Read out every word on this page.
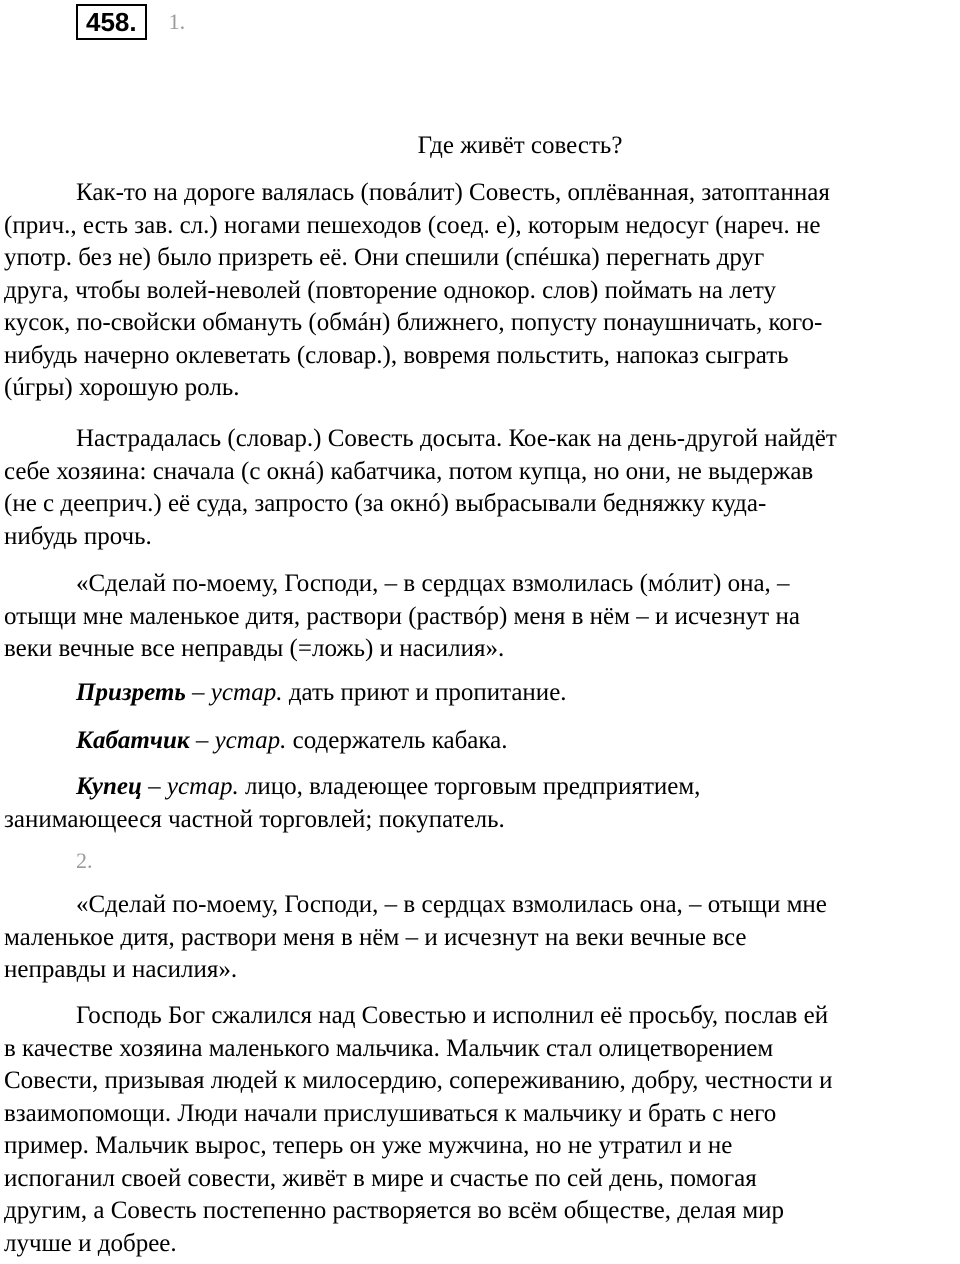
458.	1.
Где живёт совесть?
Как-то на дороге валялась (повáлит) Совесть, оплёванная, затоптанная
(прич., есть зав. сл.) ногами пешеходов (соед. е), которым недосуг (нареч. не
употр. без не) было призреть её. Они спешили (спéшка) перегнать друг
друга, чтобы волей-неволей (повторение однокор. слов) поймать на лету
кусок, по-свойски обмануть (обмáн) ближнего, попусту понаушничать, кого-
нибудь начерно оклеветать (словар.), вовремя польстить, напоказ сыграть
(úгры) хорошую роль.
Настрадалась (словар.) Совесть досыта. Кое-как на день-другой найдёт
себе хозяина: сначала (с окнá) кабатчика, потом купца, но они, не выдержав
(не с дееприч.) её суда, запросто (за окнó) выбрасывали бедняжку куда-
нибудь прочь.
«Сделай по-моему, Господи, – в сердцах взмолилась (мóлит) она, –
отыщи мне маленькое дитя, раствори (раствóр) меня в нём – и исчезнут на
веки вечные все неправды (=ложь) и насилия».
Призреть – устар. дать приют и пропитание.
Кабатчик – устар. содержатель кабака.
Купец – устар. лицо, владеющее торговым предприятием,
занимающееся частной торговлей; покупатель.
2.
«Сделай по-моему, Господи, – в сердцах взмолилась она, – отыщи мне
маленькое дитя, раствори меня в нём – и исчезнут на веки вечные все
неправды и насилия».
Господь Бог сжалился над Совестью и исполнил её просьбу, послав ей
в качестве хозяина маленького мальчика. Мальчик стал олицетворением
Совести, призывая людей к милосердию, сопереживанию, добру, честности и
взаимопомощи. Люди начали прислушиваться к мальчику и брать с него
пример. Мальчик вырос, теперь он уже мужчина, но не утратил и не
испоганил своей совести, живёт в мире и счастье по сей день, помогая
другим, а Совесть постепенно растворяется во всём обществе, делая мир
лучше и добрее.
